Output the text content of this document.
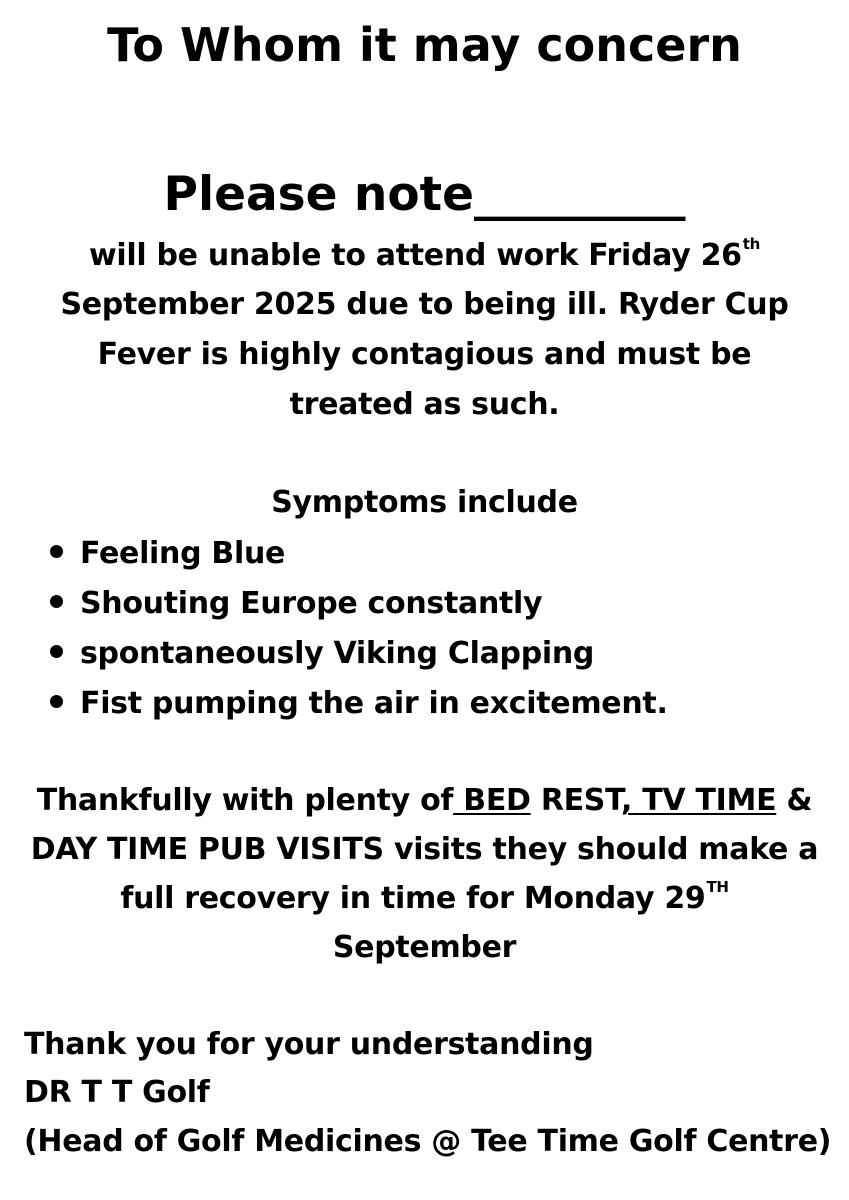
To Whom it may concern
Please note_________
will be unable to attend work Friday 26th
September 2025 due to being ill. Ryder Cup
Fever is highly contagious and must be
treated as such.
Symptoms include
Feeling Blue
Shouting Europe constantly
spontaneously Viking Clapping
Fist pumping the air in excitement.
Thankfully with plenty of BED REST, TV TIME &
DAY TIME PUB VISITS visits they should make a
full recovery in time for Monday 29TH
September
Thank you for your understanding
DR T T Golf
(Head of Golf Medicines @ Tee Time Golf Centre)
